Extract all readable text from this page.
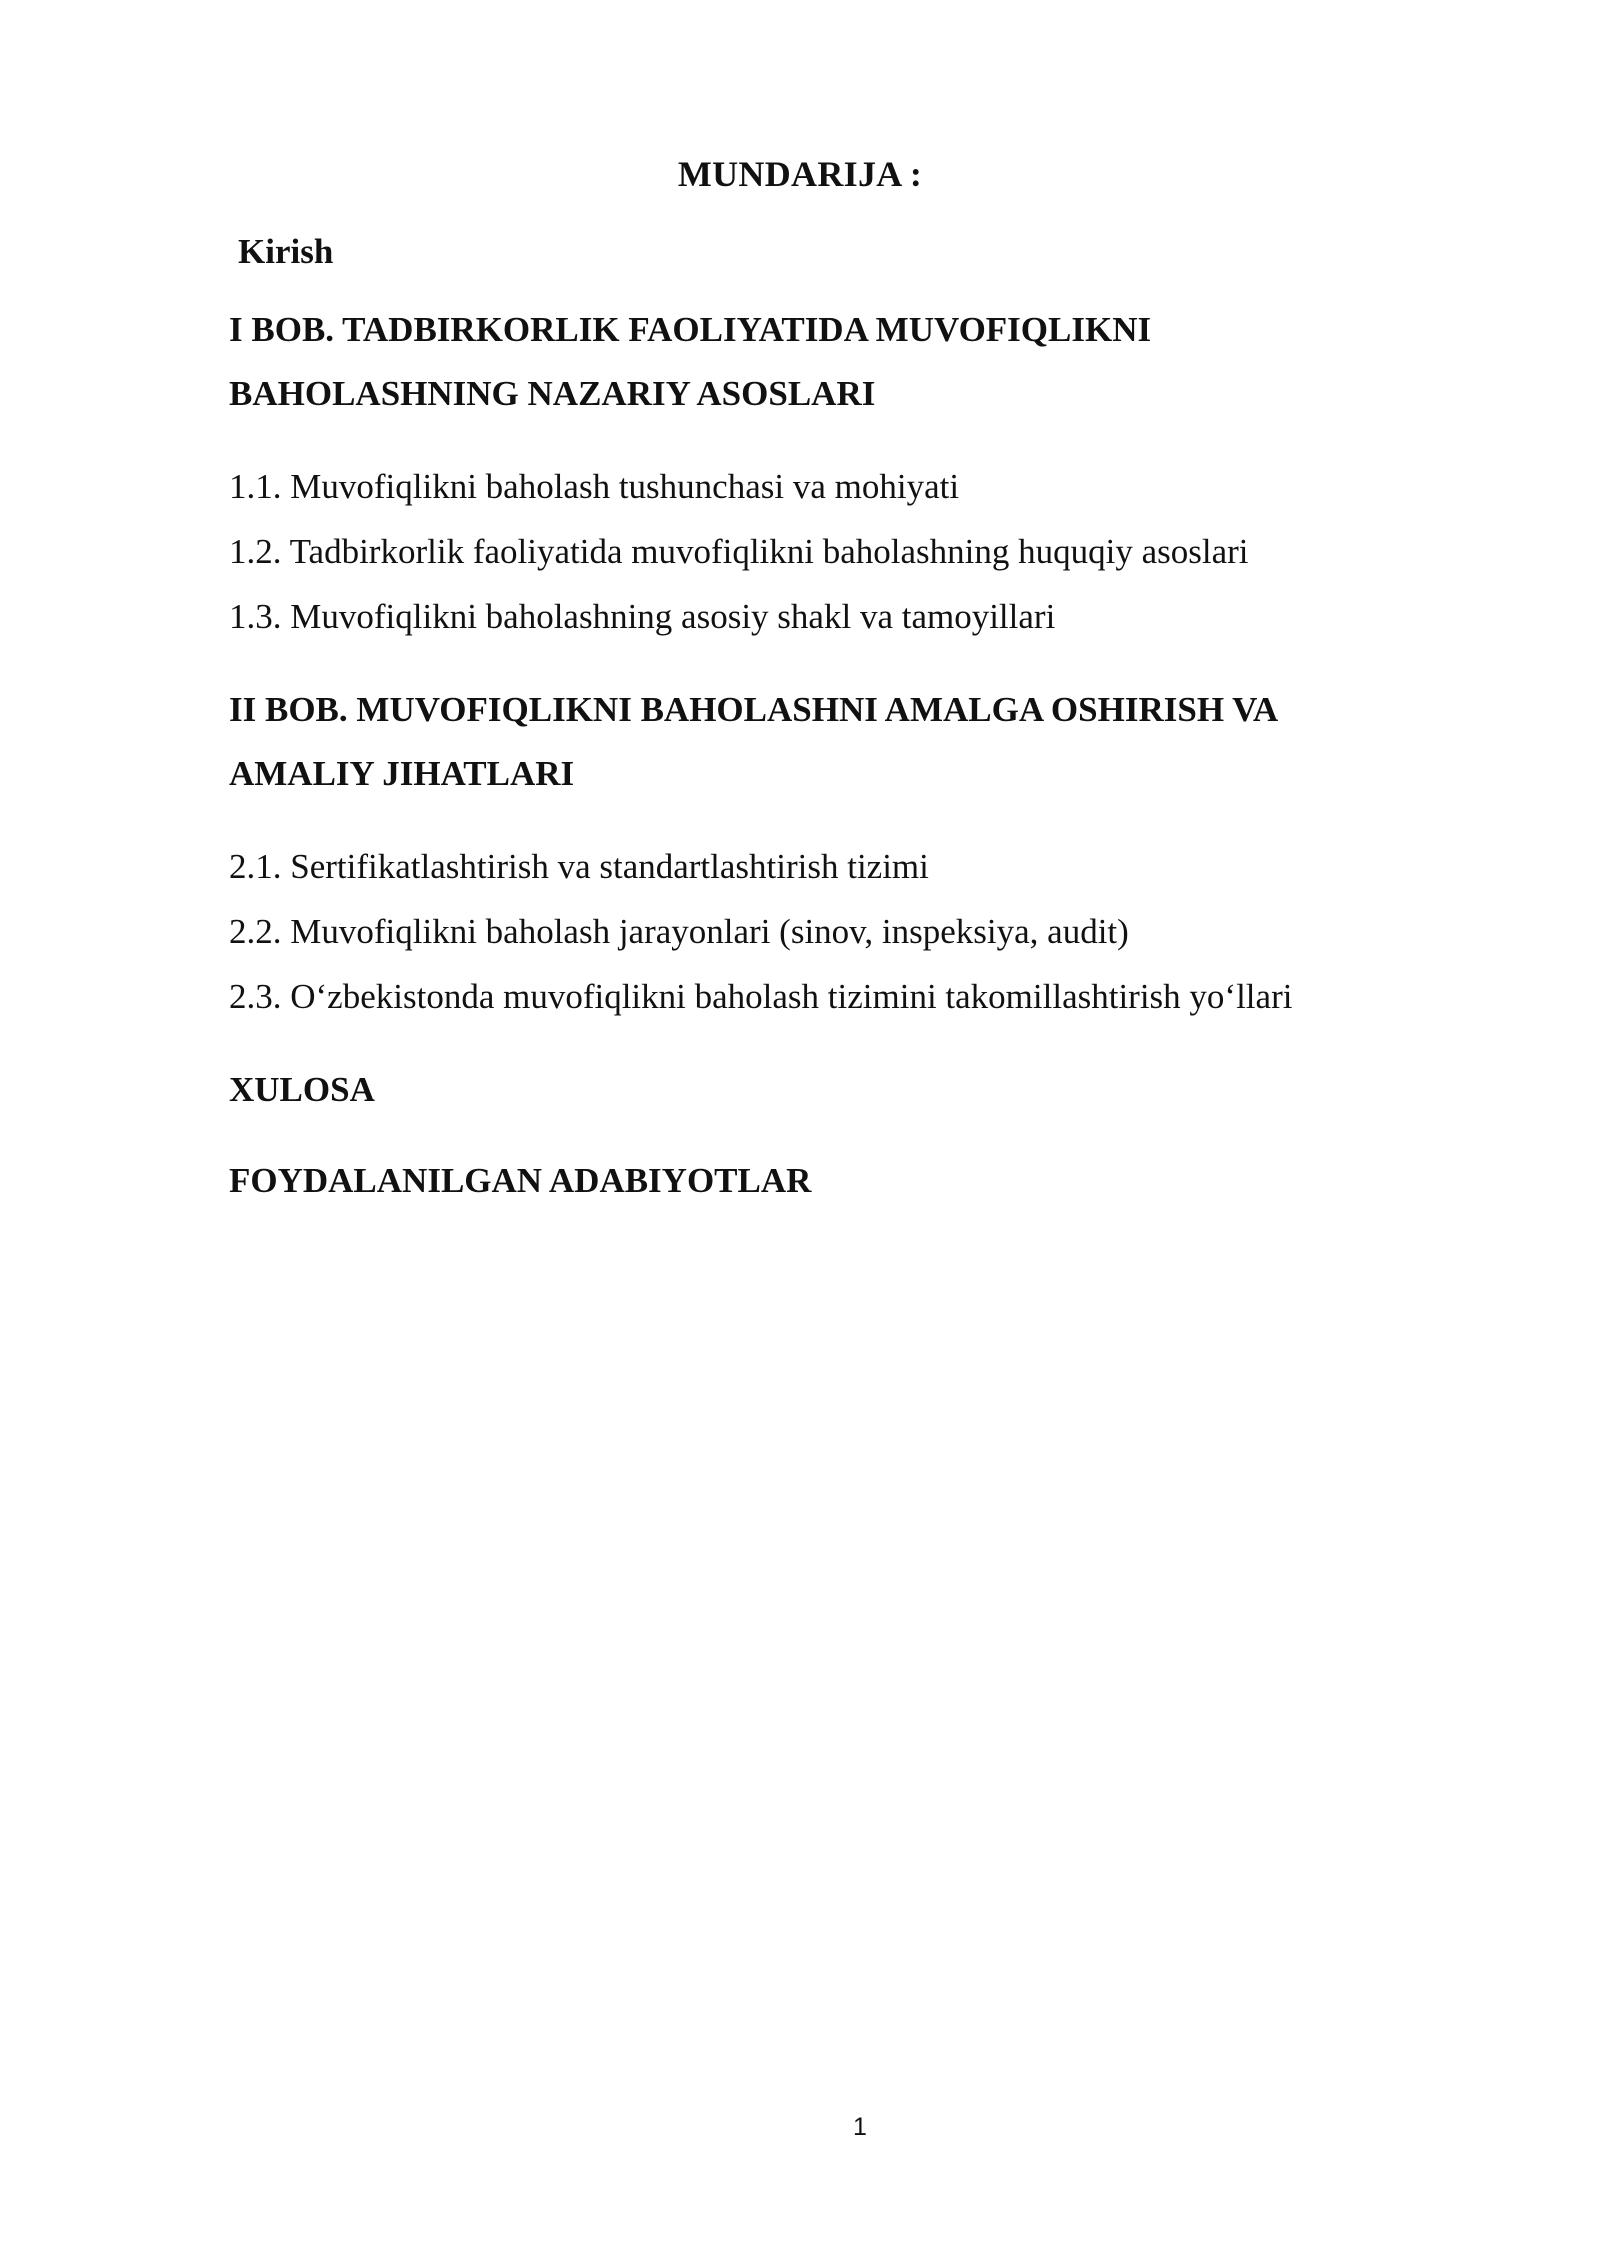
MUNDARIJA :
Kirish
I BOB. TADBIRKORLIK FAOLIYATIDA MUVOFIQLIKNI
BAHOLASHNING NAZARIY ASOSLARI
1.1. Muvofiqlikni baholash tushunchasi va mohiyati
1.2. Tadbirkorlik faoliyatida muvofiqlikni baholashning huquqiy asoslari
1.3. Muvofiqlikni baholashning asosiy shakl va tamoyillari
II BOB. MUVOFIQLIKNI BAHOLASHNI AMALGA OSHIRISH VA
AMALIY JIHATLARI
2.1. Sertifikatlashtirish va standartlashtirish tizimi
2.2. Muvofiqlikni baholash jarayonlari (sinov, inspeksiya, audit)
2.3. O‘zbekistonda muvofiqlikni baholash tizimini takomillashtirish yo‘llari
XULOSA
FOYDALANILGAN ADABIYOTLAR
1
